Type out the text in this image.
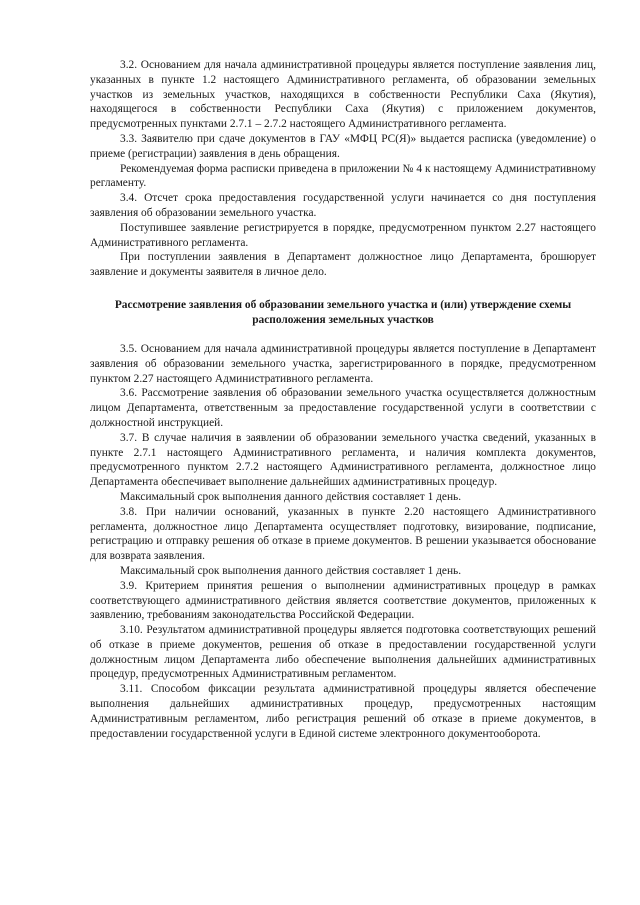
3.2. Основанием для начала административной процедуры является поступление заявления лиц, указанных в пункте 1.2 настоящего Административного регламента, об образовании земельных участков из земельных участков, находящихся в собственности Республики Саха (Якутия), находящегося в собственности Республики Саха (Якутия) с приложением документов, предусмотренных пунктами 2.7.1 – 2.7.2 настоящего Административного регламента.

3.3. Заявителю при сдаче документов в ГАУ «МФЦ РС(Я)» выдается расписка (уведомление) о приеме (регистрации) заявления в день обращения.

Рекомендуемая форма расписки приведена в приложении № 4 к настоящему Административному регламенту.

3.4. Отсчет срока предоставления государственной услуги начинается со дня поступления заявления об образовании земельного участка.

Поступившее заявление регистрируется в порядке, предусмотренном пунктом 2.27 настоящего Административного регламента.

При поступлении заявления в Департамент должностное лицо Департамента, брошюрует заявление и документы заявителя в личное дело.

Рассмотрение заявления об образовании земельного участка и (или) утверждение схемы расположения земельных участков

3.5. Основанием для начала административной процедуры является поступление в Департамент заявления об образовании земельного участка, зарегистрированного в порядке, предусмотренном пунктом 2.27 настоящего Административного регламента.

3.6. Рассмотрение заявления об образовании земельного участка осуществляется должностным лицом Департамента, ответственным за предоставление государственной услуги в соответствии с должностной инструкцией.

3.7. В случае наличия в заявлении об образовании земельного участка сведений, указанных в пункте 2.7.1 настоящего Административного регламента, и наличия комплекта документов, предусмотренного пунктом 2.7.2 настоящего Административного регламента, должностное лицо Департамента обеспечивает выполнение дальнейших административных процедур.

Максимальный срок выполнения данного действия составляет 1 день.

3.8. При наличии оснований, указанных в пункте 2.20 настоящего Административного регламента, должностное лицо Департамента осуществляет подготовку, визирование, подписание, регистрацию и отправку решения об отказе в приеме документов. В решении указывается обоснование для возврата заявления.

Максимальный срок выполнения данного действия составляет 1 день.

3.9. Критерием принятия решения о выполнении административных процедур в рамках соответствующего административного действия является соответствие документов, приложенных к заявлению, требованиям законодательства Российской Федерации.

3.10. Результатом административной процедуры является подготовка соответствующих решений об отказе в приеме документов, решения об отказе в предоставлении государственной услуги должностным лицом Департамента либо обеспечение выполнения дальнейших административных процедур, предусмотренных Административным регламентом.

3.11. Способом фиксации результата административной процедуры является обеспечение выполнения дальнейших административных процедур, предусмотренных настоящим Административным регламентом, либо регистрация решений об отказе в приеме документов, в предоставлении государственной услуги в Единой системе электронного документооборота.
